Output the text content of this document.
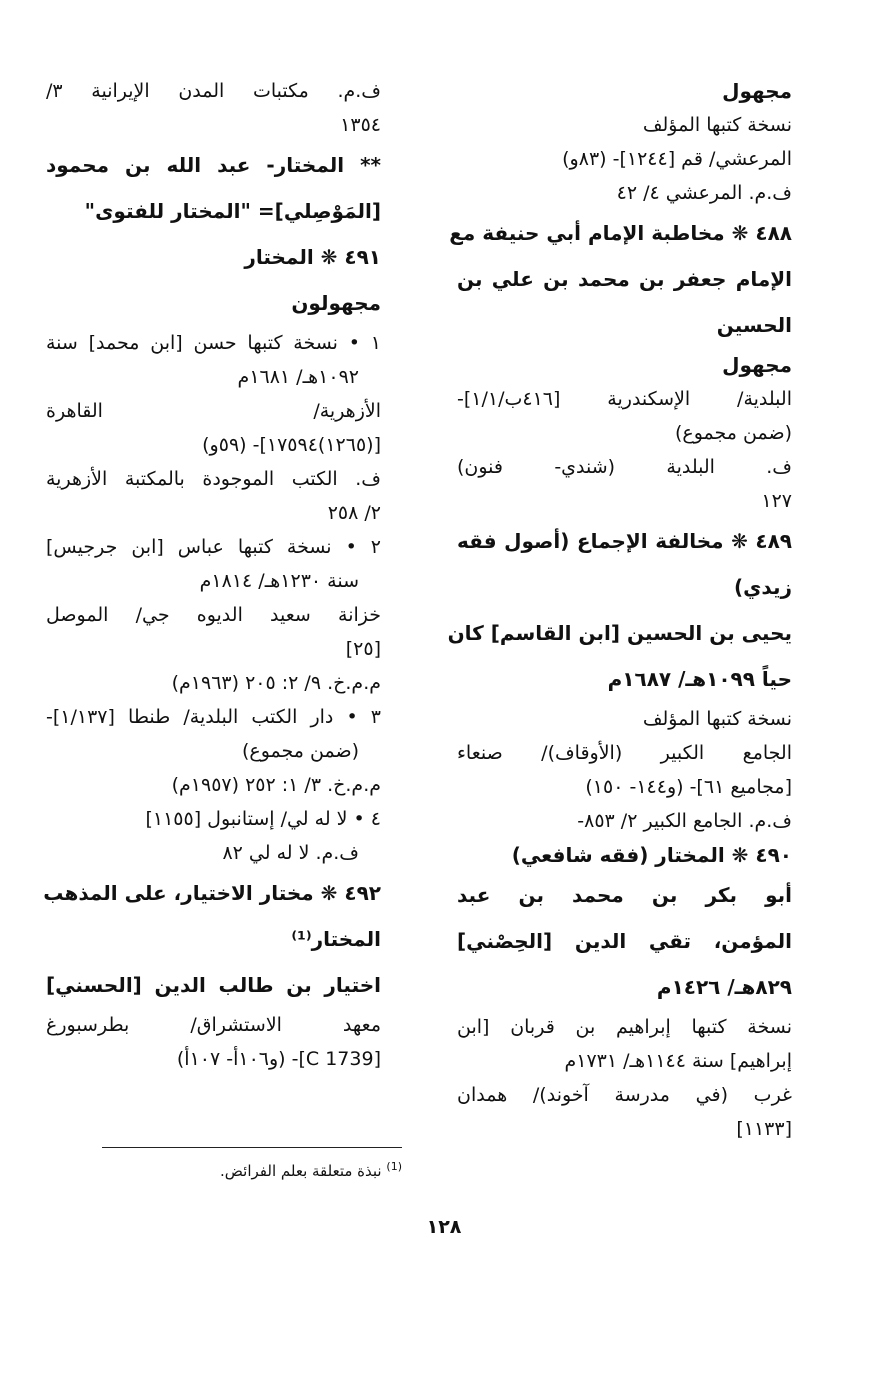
مجهول
نسخة كتبها المؤلف
المرعشي/ قم [١٢٤٤]- (٨٣و)
ف.م. المرعشي ٤/ ٤٢
٤٨٨ ❋ مخاطبة الإمام أبي حنيفة مع
الإمام جعفر بن محمد بن علي بن
الحسين
مجهول
البلدية/ الإسكندرية [٤١٦ب/١/١]-
(ضمن مجموع)
ف. البلدية (شندي- فنون)
١٢٧
٤٨٩ ❋ مخالفة الإجماع (أصول فقه
زيدي)
يحيى بن الحسين [ابن القاسم] كان
حياً ١٠٩٩هـ/ ١٦٨٧م
نسخة كتبها المؤلف
الجامع الكبير (الأوقاف)/ صنعاء
[مجاميع ٦١]- (و١٤٤- ١٥٠)
ف.م. الجامع الكبير ٢/ ٨٥٣-
٤٩٠ ❋ المختار (فقه شافعي)
أبو بكر بن محمد بن عبد
المؤمن، تقي الدين [الحِصْني]
٨٢٩هـ/ ١٤٢٦م
نسخة كتبها إبراهيم بن قربان [ابن
إبراهيم] سنة ١١٤٤هـ/ ١٧٣١م
غرب (في مدرسة آخوند)/ همدان
[١١٣٣]
ف.م. مكتبات المدن الإيرانية ٣/
١٣٥٤
** المختار- عبد الله بن محمود
[المَوْصِلي]= "المختار للفتوى"
٤٩١ ❋ المختار
مجهولون
١ • نسخة كتبها حسن [ابن محمد] سنة
١٠٩٢هـ/ ١٦٨١م
الأزهرية/ القاهرة
[(١٢٦٥)١٧٥٩٤]- (٥٩و)
ف. الكتب الموجودة بالمكتبة الأزهرية
٢/ ٢٥٨
٢ • نسخة كتبها عباس [ابن جرجيس]
سنة ١٢٣٠هـ/ ١٨١٤م
خزانة سعيد الديوه جي/ الموصل
[٢٥]
م.م.خ. ٩/ ٢: ٢٠٥ (١٩٦٣م)
٣ • دار الكتب البلدية/ طنطا [١/١٣٧]-
(ضمن مجموع)
م.م.خ. ٣/ ١: ٢٥٢ (١٩٥٧م)
٤ • لا له لي/ إستانبول [١١٥٥]
ف.م. لا له لي ٨٢
٤٩٢ ❋ مختار الاختيار، على المذهب
المختار⁽¹⁾
اختيار بن طالب الدين [الحسني]
معهد الاستشراق/ بطرسبورغ
[C 1739]- (و١٠٦أ- ١٠٧أ)
$^{(1)}$ نبذة متعلقة بعلم الفرائض.
١٢٨
